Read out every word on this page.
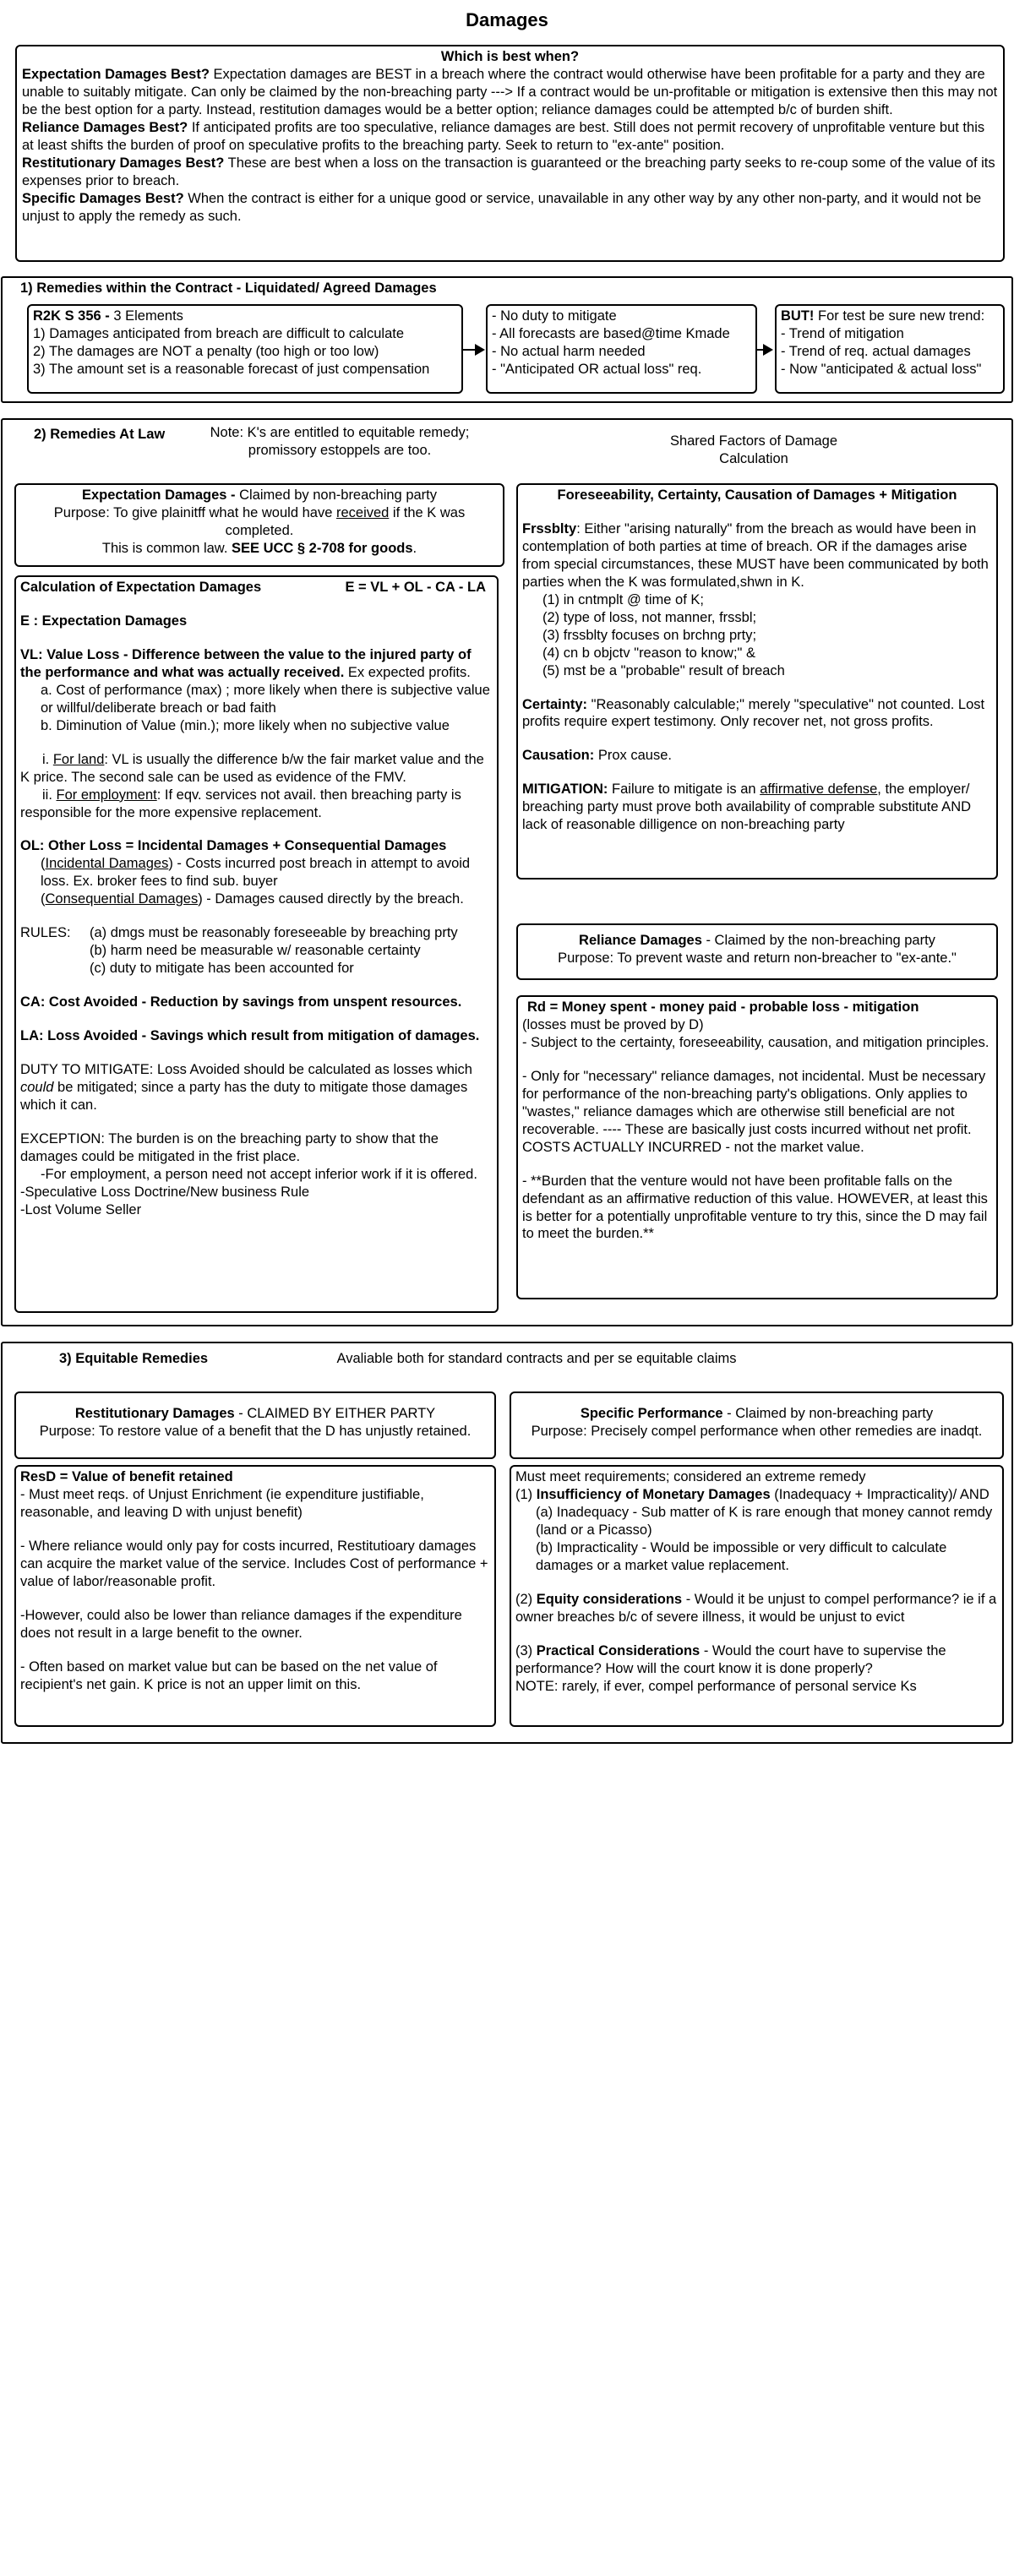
Damages

Which is best when?

Expectation Damages Best? Expectation damages are BEST in a breach where the contract would otherwise have been profitable for a party and they are unable to suitably mitigate. Can only be claimed by the non-breaching party ---> If a contract would be un-profitable or mitigation is extensive then this may not be the best option for a party. Instead, restitution damages would be a better option; reliance damages could be attempted b/c of burden shift.

Reliance Damages Best? If anticipated profits are too speculative, reliance damages are best. Still does not permit recovery of unprofitable venture but this at least shifts the burden of proof on speculative profits to the breaching party. Seek to return to "ex-ante" position.

Restitutionary Damages Best? These are best when a loss on the transaction is guaranteed or the breaching party seeks to re-coup some of the value of its expenses prior to breach.

Specific Damages Best? When the contract is either for a unique good or service, unavailable in any other way by any other non-party, and it would not be unjust to apply the remedy as such.

1) Remedies within the Contract - Liquidated/ Agreed Damages

R2K S 356 - 3 Elements

1) Damages anticipated from breach are difficult to calculate

2) The damages are NOT a penalty (too high or too low)

3) The amount set is a reasonable forecast of just compensation

- No duty to mitigate

- All forecasts are based@time Kmade

- No actual harm needed

- "Anticipated OR actual loss" req.

BUT! For test be sure new trend:

- Trend of mitigation

- Trend of req. actual damages

- Now "anticipated & actual loss"

2) Remedies At Law	Note: K's are entitled to equitable remedy; promissory estoppels are too.
Shared Factors of Damage Calculation

Expectation Damages - Claimed by non-breaching party

Purpose: To give plainitff what he would have received if the K was completed.

This is common law. SEE UCC § 2-708 for goods.

Calculation of Expectation Damages	E = VL + OL - CA - LA

E : Expectation Damages

VL: Value Loss - Difference between the value to the injured party of the performance and what was actually received. Ex expected profits.

a. Cost of performance (max) ; more likely when there is subjective value or willful/deliberate breach or bad faith

b. Diminution of Value (min.); more likely when no subjective value

i. For land: VL is usually the difference b/w the fair market value and the K price. The second sale can be used as evidence of the FMV.

ii. For employment: If eqv. services not avail. then breaching party is responsible for the more expensive replacement.

OL: Other Loss = Incidental Damages + Consequential Damages

(Incidental Damages) - Costs incurred post breach in attempt to avoid loss. Ex. broker fees to find sub. buyer

(Consequential Damages) - Damages caused directly by the breach.

RULES:	(a) dmgs must be reasonably foreseeable by breaching prty

(b) harm need be measurable w/ reasonable certainty

(c) duty to mitigate has been accounted for

CA: Cost Avoided - Reduction by savings from unspent resources.

LA: Loss Avoided - Savings which result from mitigation of damages.

DUTY TO MITIGATE: Loss Avoided should be calculated as losses which could be mitigated; since a party has the duty to mitigate those damages which it can.

EXCEPTION: The burden is on the breaching party to show that the damages could be mitigated in the frist place.

-For employment, a person need not accept inferior work if it is offered.

-Speculative Loss Doctrine/New business Rule

-Lost Volume Seller

Foreseeability, Certainty, Causation of Damages + Mitigation

Frssblty: Either "arising naturally" from the breach as would have been in contemplation of both parties at time of breach. OR if the damages arise from special circumstances, these MUST have been communicated by both parties when the K was formulated,shwn in K.

(1) in cntmplt @ time of K;

(2) type of loss, not manner, frssbl;

(3) frssblty focuses on brchng prty;

(4) cn b objctv "reason to know;" &

(5) mst be a "probable" result of breach

Certainty: "Reasonably calculable;" merely "speculative" not counted. Lost profits require expert testimony. Only recover net, not gross profits.

Causation: Prox cause.

MITIGATION: Failure to mitigate is an affirmative defense, the employer/ breaching party must prove both availability of comprable substitute AND lack of reasonable dilligence on non-breaching party

Reliance Damages - Claimed by the non-breaching party

Purpose: To prevent waste and return non-breacher to "ex-ante."

Rd = Money spent - money paid - probable loss - mitigation

(losses must be proved by D)

- Subject to the certainty, foreseeability, causation, and mitigation principles.

- Only for "necessary" reliance damages, not incidental. Must be necessary for performance of the non-breaching party's obligations. Only applies to "wastes," reliance damages which are otherwise still beneficial are not recoverable. ---- These are basically just costs incurred without net profit. COSTS ACTUALLY INCURRED - not the market value.

- **Burden that the venture would not have been profitable falls on the defendant as an affirmative reduction of this value. HOWEVER, at least this is better for a potentially unprofitable venture to try this, since the D may fail to meet the burden.**

3) Equitable Remedies	Avaliable both for standard contracts and per se equitable claims

Restitutionary Damages - CLAIMED BY EITHER PARTY

Purpose: To restore value of a benefit that the D has unjustly retained.

Specific Performance - Claimed by non-breaching party

Purpose: Precisely compel performance when other remedies are inadqt.

ResD = Value of benefit retained

- Must meet reqs. of Unjust Enrichment (ie expenditure justifiable, reasonable, and leaving D with unjust benefit)

- Where reliance would only pay for costs incurred, Restitutioary damages can acquire the market value of the service. Includes Cost of performance + value of labor/reasonable profit.

-However, could also be lower than reliance damages if the expenditure does not result in a large benefit to the owner.

- Often based on market value but can be based on the net value of recipient's net gain. K price is not an upper limit on this.

Must meet requirements; considered an extreme remedy

(1) Insufficiency of Monetary Damages (Inadequacy + Impracticality)/ AND

(a) Inadequacy - Sub matter of K is rare enough that money cannot remdy (land or a Picasso)

(b) Impracticality - Would be impossible or very difficult to calculate damages or a market value replacement.

(2) Equity considerations - Would it be unjust to compel performance? ie if a owner breaches b/c of severe illness, it would be unjust to evict

(3) Practical Considerations - Would the court have to supervise the performance? How will the court know it is done properly?

NOTE: rarely, if ever, compel performance of personal service Ks
